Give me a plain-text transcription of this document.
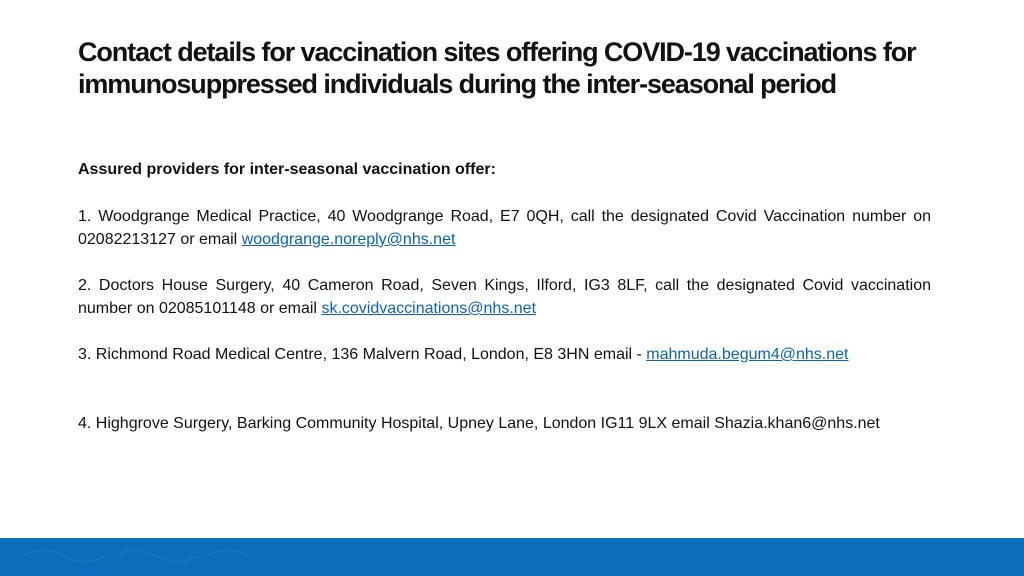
Contact details for vaccination sites offering COVID-19 vaccinations for immunosuppressed individuals during the inter-seasonal period

Assured providers for inter-seasonal vaccination offer:

1. Woodgrange Medical Practice, 40 Woodgrange Road, E7 0QH, call the designated Covid Vaccination number on 02082213127 or email woodgrange.noreply@nhs.net

2. Doctors House Surgery, 40 Cameron Road, Seven Kings, Ilford, IG3 8LF, call the designated Covid vaccination number on 02085101148 or email sk.covidvaccinations@nhs.net

3. Richmond Road Medical Centre, 136 Malvern Road, London, E8 3HN email - mahmuda.begum4@nhs.net

4. Highgrove Surgery, Barking Community Hospital, Upney Lane, London IG11 9LX email Shazia.khan6@nhs.net
